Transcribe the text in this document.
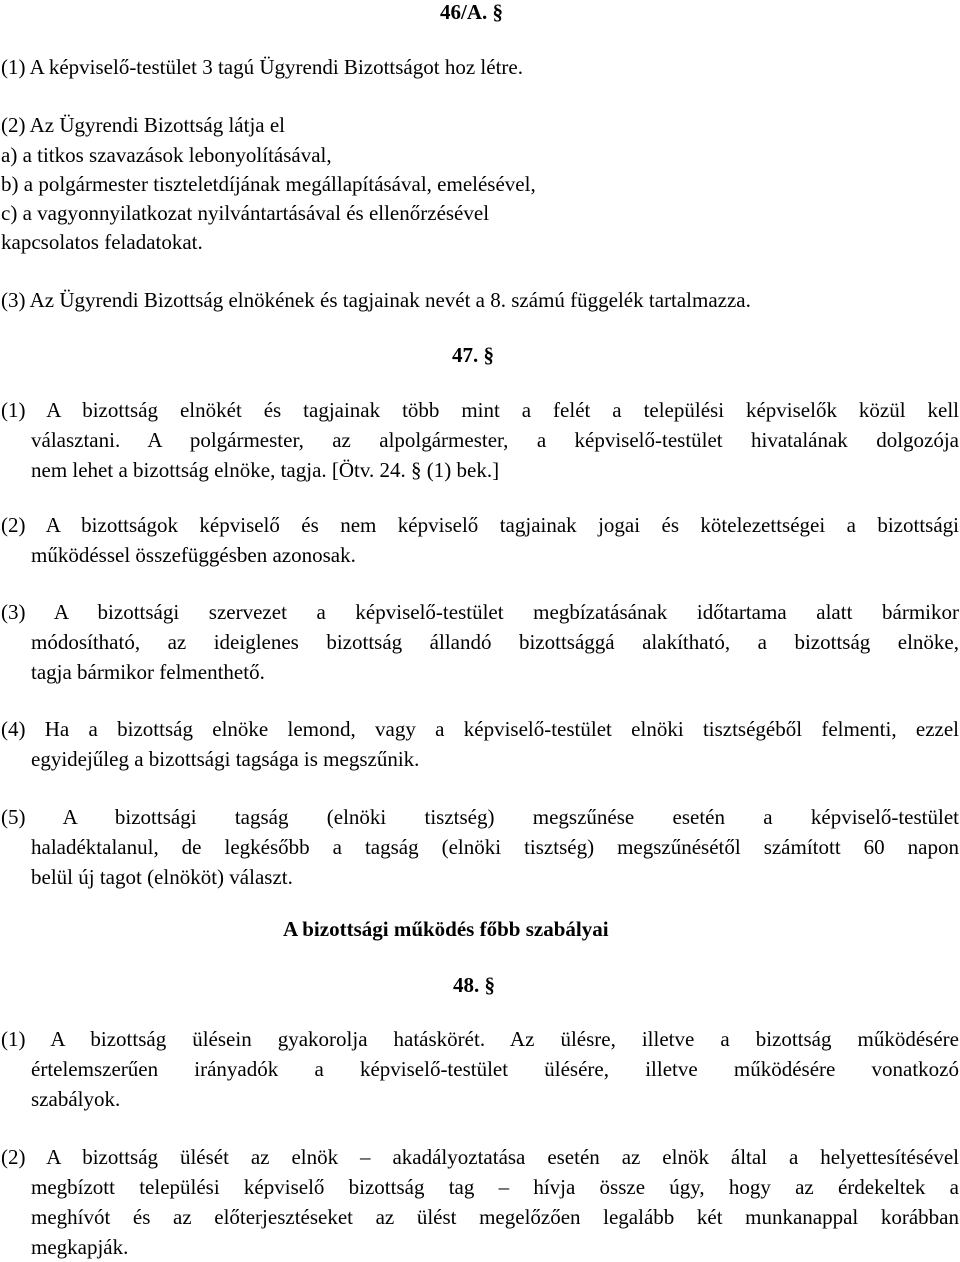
46/A. §
(1) A képviselő-testület 3 tagú Ügyrendi Bizottságot hoz létre.
(2) Az Ügyrendi Bizottság látja el
a) a titkos szavazások lebonyolításával,
b) a polgármester tiszteletdíjának megállapításával, emelésével,
c) a vagyonnyilatkozat nyilvántartásával és ellenőrzésével
kapcsolatos feladatokat.
(3) Az Ügyrendi Bizottság elnökének és tagjainak nevét a 8. számú függelék tartalmazza.
47. §

(1) A bizottság elnökét és tagjainak több mint a felét a települési képviselők közül kell

választani. A polgármester, az alpolgármester, a képviselő-testület hivatalának dolgozója

nem lehet a bizottság elnöke, tagja. [Ötv. 24. § (1) bek.]

(2) A bizottságok képviselő és nem képviselő tagjainak jogai és kötelezettségei a bizottsági

működéssel összefüggésben azonosak.

(3) A bizottsági szervezet a képviselő-testület megbízatásának időtartama alatt bármikor

módosítható, az ideiglenes bizottság állandó bizottsággá alakítható, a bizottság elnöke,

tagja bármikor felmenthető.

(4) Ha a bizottság elnöke lemond, vagy a képviselő-testület elnöki tisztségéből felmenti, ezzel

egyidejűleg a bizottsági tagsága is megszűnik.

(5) A bizottsági tagság (elnöki tisztség) megszűnése esetén a képviselő-testület

haladéktalanul, de legkésőbb a tagság (elnöki tisztség) megszűnésétől számított 60 napon

belül új tagot (elnököt) választ.

A bizottsági működés főbb szabályai
48. §

(1) A bizottság ülésein gyakorolja hatáskörét. Az ülésre, illetve a bizottság működésére

értelemszerűen irányadók a képviselő-testület ülésére, illetve működésére vonatkozó

szabályok.

(2) A bizottság ülését az elnök – akadályoztatása esetén az elnök által a helyettesítésével

megbízott települési képviselő bizottság tag – hívja össze úgy, hogy az érdekeltek a

meghívót és az előterjesztéseket az ülést megelőzően legalább két munkanappal korábban

megkapják.
